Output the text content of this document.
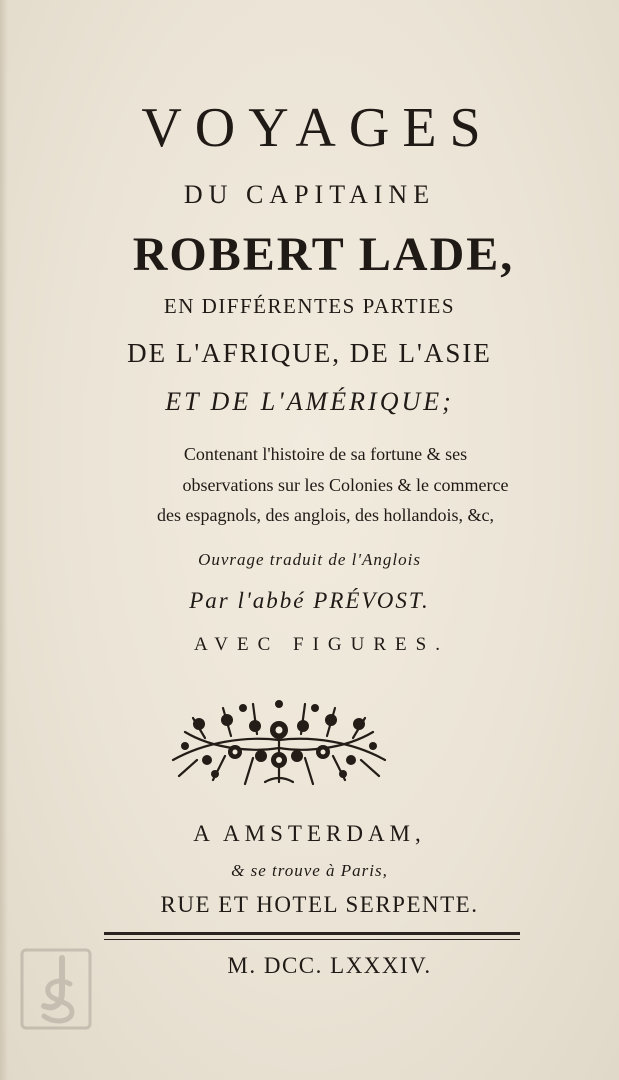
VOYAGES
DU CAPITAINE
ROBERT LADE,
EN DIFFÉRENTES PARTIES
DE L'AFRIQUE, DE L'ASIE
ET DE L'AMÉRIQUE;
Contenant l'histoire de sa fortune & ses
observations sur les Colonies & le commerce
des espagnols, des anglois, des hollandois, &c,
Ouvrage traduit de l'Anglois
Par l'abbé PRÉVOST.
AVEC FIGURES.
A AMSTERDAM,
& se trouve à Paris,
RUE ET HOTEL SERPENTE.
M. DCC. LXXXIV.
